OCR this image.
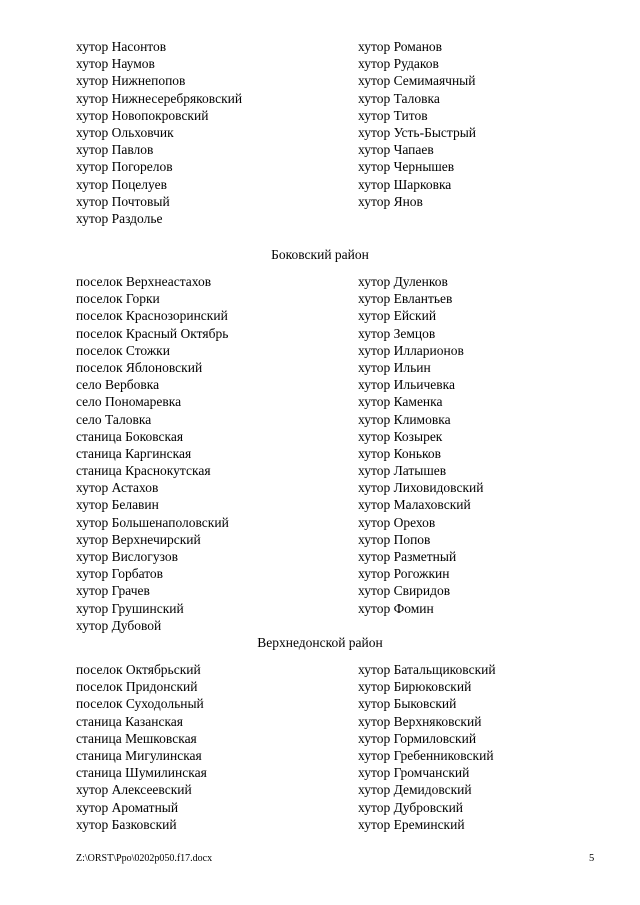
хутор Насонтов
хутор Наумов
хутор Нижнепопов
хутор Нижнесеребряковский
хутор Новопокровский
хутор Ольховчик
хутор Павлов
хутор Погорелов
хутор Поцелуев
хутор Почтовый
хутор Раздолье
хутор Романов
хутор Рудаков
хутор Семимаячный
хутор Таловка
хутор Титов
хутор Усть-Быстрый
хутор Чапаев
хутор Чернышев
хутор Шарковка
хутор Янов
Боковский район
поселок Верхнеастахов
поселок Горки
поселок Краснозоринский
поселок Красный Октябрь
поселок Стожки
поселок Яблоновский
село Вербовка
село Пономаревка
село Таловка
станица Боковская
станица Каргинская
станица Краснокутская
хутор Астахов
хутор Белавин
хутор Большенаполовский
хутор Верхнечирский
хутор Вислогузов
хутор Горбатов
хутор Грачев
хутор Грушинский
хутор Дубовой
хутор Дуленков
хутор Евлантьев
хутор Ейский
хутор Земцов
хутор Илларионов
хутор Ильин
хутор Ильичевка
хутор Каменка
хутор Климовка
хутор Козырек
хутор Коньков
хутор Латышев
хутор Лиховидовский
хутор Малаховский
хутор Орехов
хутор Попов
хутор Разметный
хутор Рогожкин
хутор Свиридов
хутор Фомин
Верхнедонской район
поселок Октябрьский
поселок Придонский
поселок Суходольный
станица Казанская
станица Мешковская
станица Мигулинская
станица Шумилинская
хутор Алексеевский
хутор Ароматный
хутор Базковский
хутор Батальщиковский
хутор Бирюковский
хутор Быковский
хутор Верхняковский
хутор Гормиловский
хутор Гребенниковский
хутор Громчанский
хутор Демидовский
хутор Дубровский
хутор Ереминский
Z:\ORST\Ppo\0202p050.f17.docx	5
